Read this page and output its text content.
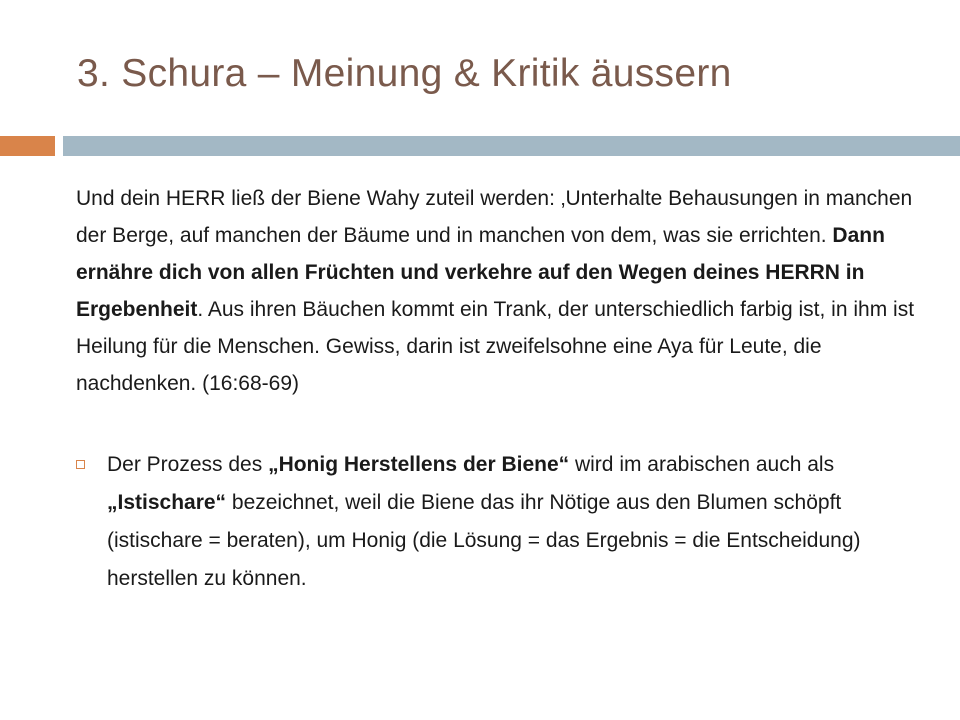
3. Schura – Meinung & Kritik äussern
Und dein HERR ließ der Biene Wahy zuteil werden: ‚Unterhalte Behausungen in manchen der Berge, auf manchen der Bäume und in manchen von dem, was sie errichten. Dann ernähre dich von allen Früchten und verkehre auf den Wegen deines HERRN in Ergebenheit. Aus ihren Bäuchen kommt ein Trank, der unterschiedlich farbig ist, in ihm ist Heilung für die Menschen. Gewiss, darin ist zweifelsohne eine Aya für Leute, die nachdenken. (16:68-69)
Der Prozess des „Honig Herstellens der Biene“ wird im arabischen auch als „Istischare“ bezeichnet, weil die Biene das ihr Nötige aus den Blumen schöpft (istischare = beraten), um Honig (die Lösung = das Ergebnis = die Entscheidung) herstellen zu können.
